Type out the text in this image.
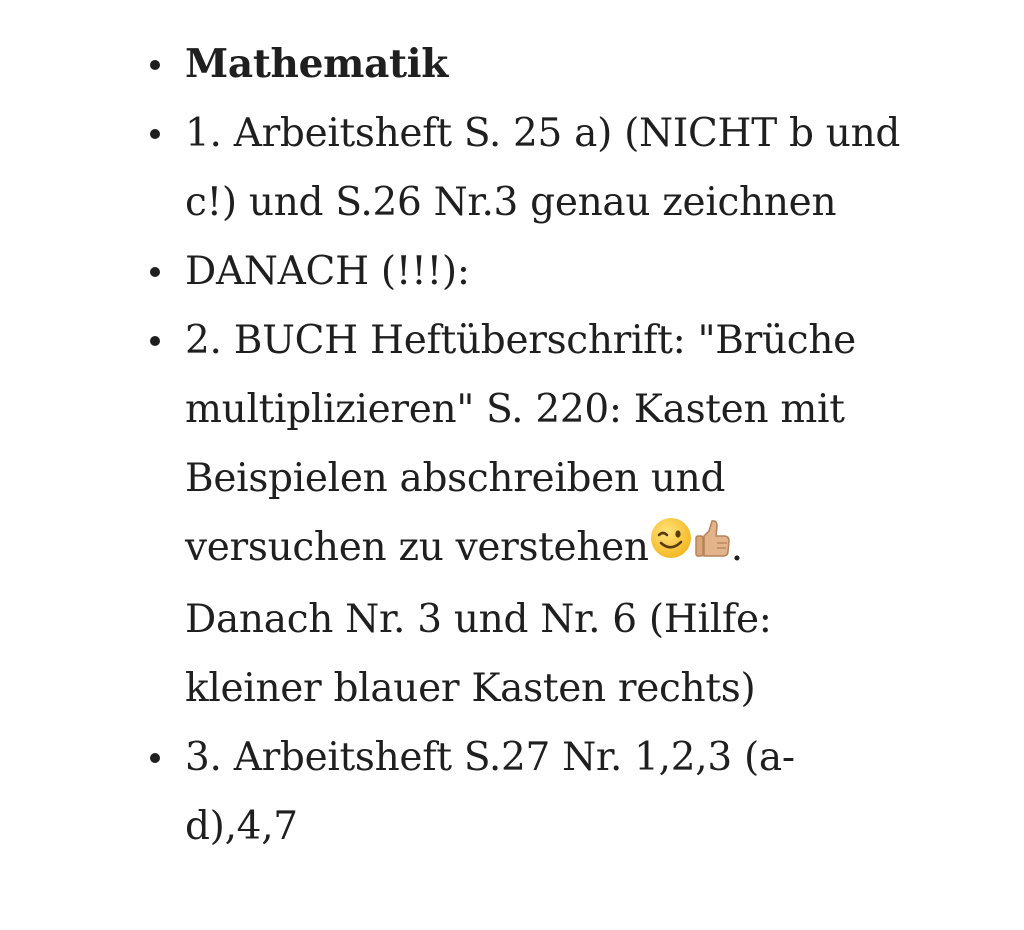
Mathematik
1. Arbeitsheft S. 25 a) (NICHT b und
c!) und S.26 Nr.3 genau zeichnen
DANACH (!!!):
2. BUCH Heftüberschrift: "Brüche
multiplizieren" S. 220: Kasten mit
Beispielen abschreiben und
versuchen zu verstehen .
Danach Nr. 3 und Nr. 6 (Hilfe:
kleiner blauer Kasten rechts)
3. Arbeitsheft S.27 Nr. 1,2,3 (a-
d),4,7
